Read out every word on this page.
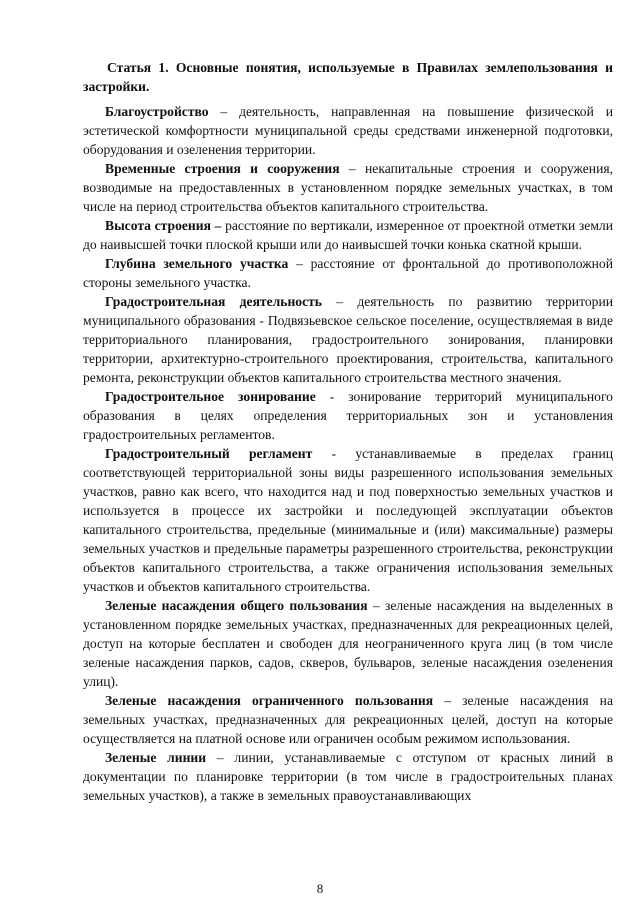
Статья 1. Основные понятия, используемые в Правилах землепользования и застройки.

Благоустройство – деятельность, направленная на повышение физической и эстетической комфортности муниципальной среды средствами инженерной подготовки, оборудования и озеленения территории.

Временные строения и сооружения – некапитальные строения и сооружения, возводимые на предоставленных в установленном порядке земельных участках, в том числе на период строительства объектов капитального строительства.

Высота строения – расстояние по вертикали, измеренное от проектной отметки земли до наивысшей точки плоской крыши или до наивысшей точки конька скатной крыши.

Глубина земельного участка – расстояние от фронтальной до противоположной стороны земельного участка.

Градостроительная деятельность – деятельность по развитию территории муниципального образования - Подвязьевское сельское поселение, осуществляемая в виде территориального планирования, градостроительного зонирования, планировки территории, архитектурно-строительного проектирования, строительства, капитального ремонта, реконструкции объектов капитального строительства местного значения.

Градостроительное зонирование - зонирование территорий муниципального образования в целях определения территориальных зон и установления градостроительных регламентов.

Градостроительный регламент - устанавливаемые в пределах границ соответствующей территориальной зоны виды разрешенного использования земельных участков, равно как всего, что находится над и под поверхностью земельных участков и используется в процессе их застройки и последующей эксплуатации объектов капитального строительства, предельные (минимальные и (или) максимальные) размеры земельных участков и предельные параметры разрешенного строительства, реконструкции объектов капитального строительства, а также ограничения использования земельных участков и объектов капитального строительства.

Зеленые насаждения общего пользования – зеленые насаждения на выделенных в установленном порядке земельных участках, предназначенных для рекреационных целей, доступ на которые бесплатен и свободен для неограниченного круга лиц (в том числе зеленые насаждения парков, садов, скверов, бульваров, зеленые насаждения озеленения улиц).

Зеленые насаждения ограниченного пользования – зеленые насаждения на земельных участках, предназначенных для рекреационных целей, доступ на которые осуществляется на платной основе или ограничен особым режимом использования.

Зеленые линии – линии, устанавливаемые с отступом от красных линий в документации по планировке территории (в том числе в градостроительных планах земельных участков), а также в земельных правоустанавливающих

8
